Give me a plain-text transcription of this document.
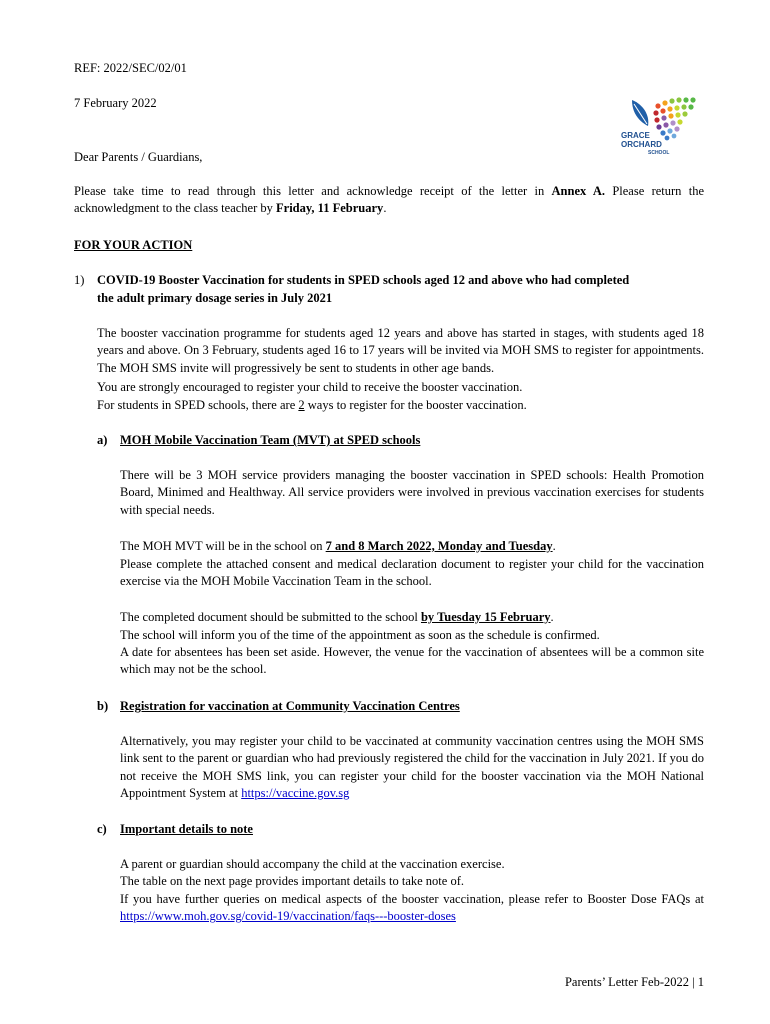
REF: 2022/SEC/02/01
7 February 2022
GRACE
ORCHARD
SCHOOL
Dear Parents / Guardians,
Please take time to read through this letter and acknowledge receipt of the letter in Annex A. Please return the acknowledgment to the class teacher by Friday, 11 February.
FOR YOUR ACTION
1) COVID-19 Booster Vaccination for students in SPED schools aged 12 and above who had completed
the adult primary dosage series in July 2021
The booster vaccination programme for students aged 12 years and above has started in stages, with students aged 18 years and above. On 3 February, students aged 16 to 17 years will be invited via MOH SMS to register for appointments. The MOH SMS invite will progressively be sent to students in other age bands.
You are strongly encouraged to register your child to receive the booster vaccination.
For students in SPED schools, there are 2 ways to register for the booster vaccination.
a) MOH Mobile Vaccination Team (MVT) at SPED schools
There will be 3 MOH service providers managing the booster vaccination in SPED schools: Health Promotion Board, Minimed and Healthway. All service providers were involved in previous vaccination exercises for students with special needs.
The MOH MVT will be in the school on 7 and 8 March 2022, Monday and Tuesday.
Please complete the attached consent and medical declaration document to register your child for the vaccination exercise via the MOH Mobile Vaccination Team in the school.
The completed document should be submitted to the school by Tuesday 15 February.
The school will inform you of the time of the appointment as soon as the schedule is confirmed.
A date for absentees has been set aside. However, the venue for the vaccination of absentees will be a common site which may not be the school.
b) Registration for vaccination at Community Vaccination Centres
Alternatively, you may register your child to be vaccinated at community vaccination centres using the MOH SMS link sent to the parent or guardian who had previously registered the child for the vaccination in July 2021. If you do not receive the MOH SMS link, you can register your child for the booster vaccination via the MOH National Appointment System at https://vaccine.gov.sg
c) Important details to note
A parent or guardian should accompany the child at the vaccination exercise.
The table on the next page provides important details to take note of.
If you have further queries on medical aspects of the booster vaccination, please refer to Booster Dose FAQs at https://www.moh.gov.sg/covid-19/vaccination/faqs---booster-doses
Parents’ Letter Feb-2022 | 1
